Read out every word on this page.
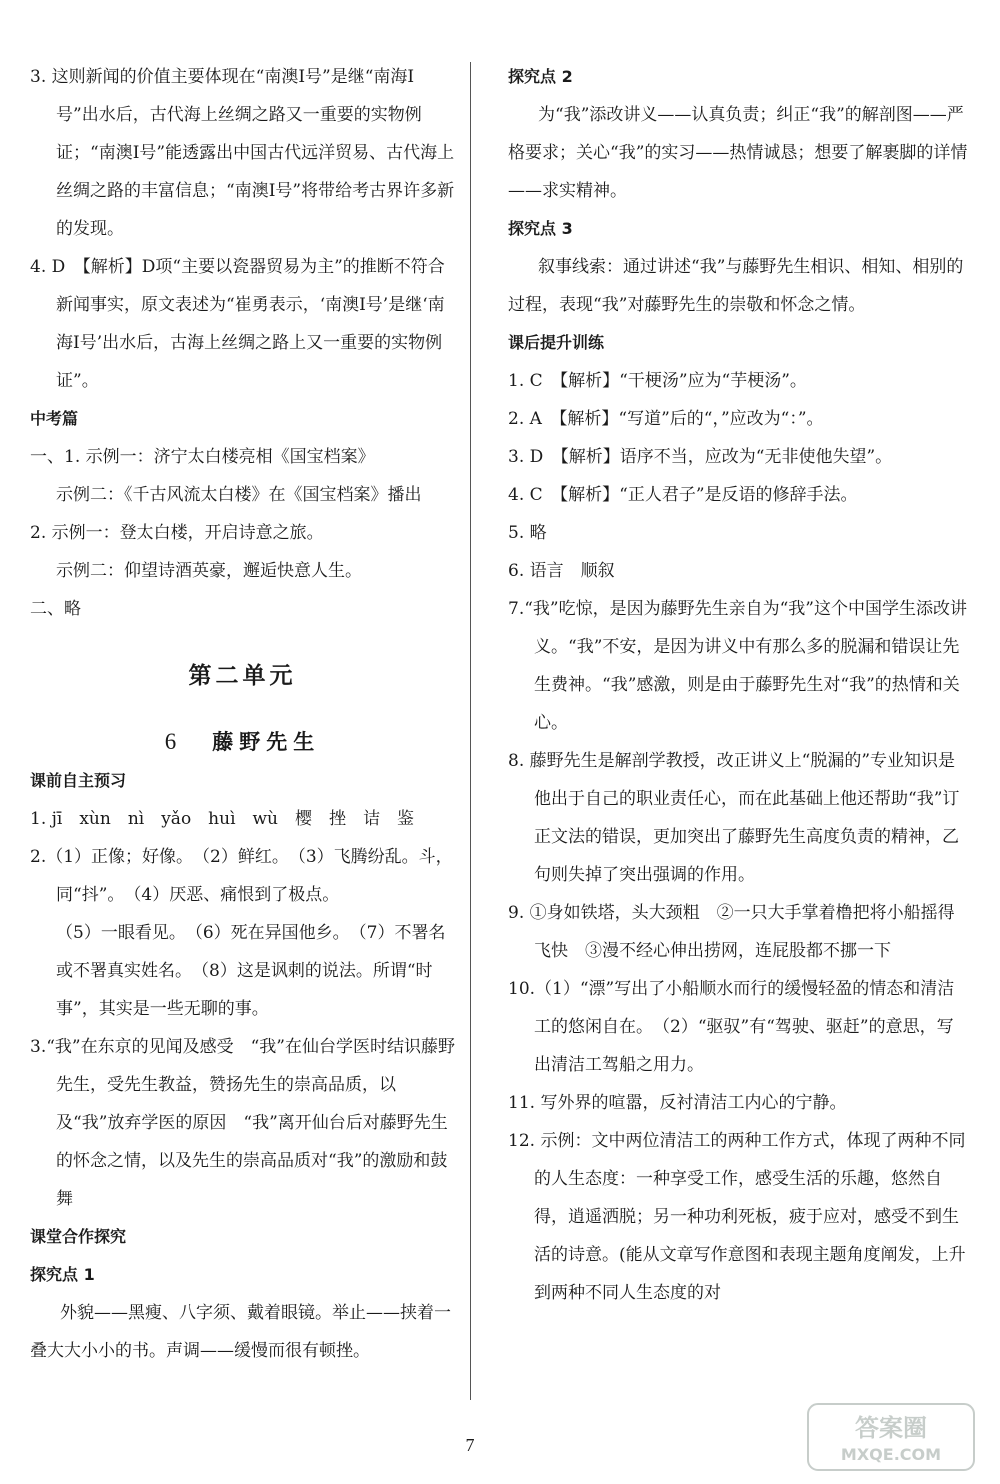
3. 这则新闻的价值主要体现在“南澳Ⅰ号”是继“南海Ⅰ号”出水后，古代海上丝绸之路又一重要的实物例证；“南澳Ⅰ号”能透露出中国古代远洋贸易、古代海上丝绸之路的丰富信息；“南澳Ⅰ号”将带给考古界许多新的发现。

4. D　【解析】D项“主要以瓷器贸易为主”的推断不符合新闻事实，原文表述为“崔勇表示，‘南澳Ⅰ号’是继‘南海Ⅰ号’出水后，古海上丝绸之路上又一重要的实物例证”。

中考篇

一、1. 示例一：济宁太白楼亮相《国宝档案》

示例二：《千古风流太白楼》在《国宝档案》播出

2. 示例一：登太白楼，开启诗意之旅。

示例二：仰望诗酒英豪，邂逅快意人生。

二、略

第二单元
6 藤野先生

课前自主预习

1. jī　xùn　nì　yǎo　huì　wù　樱　挫　诘　鉴

2.（1）正像；好像。　（2）鲜红。　（3）飞腾纷乱。斗，同“抖”。　（4）厌恶、痛恨到了极点。

（5）一眼看见。　（6）死在异国他乡。　（7）不署名或不署真实姓名。　（8）这是讽刺的说法。所谓“时事”，其实是一些无聊的事。

3.“我”在东京的见闻及感受　“我”在仙台学医时结识藤野先生，受先生教益，赞扬先生的崇高品质，以及“我”放弃学医的原因　“我”离开仙台后对藤野先生的怀念之情，以及先生的崇高品质对“我”的激励和鼓舞

课堂合作探究

探究点 1

外貌——黑瘦、八字须、戴着眼镜。举止——挟着一叠大大小小的书。声调——缓慢而很有顿挫。

探究点 2

为“我”添改讲义——认真负责；纠正“我”的解剖图——严格要求；关心“我”的实习——热情诚恳；想要了解裹脚的详情——求实精神。

探究点 3

叙事线索：通过讲述“我”与藤野先生相识、相知、相别的过程，表现“我”对藤野先生的崇敬和怀念之情。

课后提升训练

1. C　【解析】“干梗汤”应为“芋梗汤”。

2. A　【解析】“写道”后的“，”应改为“：”。

3. D　【解析】语序不当，应改为“无非使他失望”。

4. C　【解析】“正人君子”是反语的修辞手法。

5. 略

6. 语言　顺叙

7.“我”吃惊，是因为藤野先生亲自为“我”这个中国学生添改讲义。“我”不安，是因为讲义中有那么多的脱漏和错误让先生费神。“我”感激，则是由于藤野先生对“我”的热情和关心。

8. 藤野先生是解剖学教授，改正讲义上“脱漏的”专业知识是他出于自己的职业责任心，而在此基础上他还帮助“我”订正文法的错误，更加突出了藤野先生高度负责的精神，乙句则失掉了突出强调的作用。

9. ①身如铁塔，头大颈粗　②一只大手掌着橹把将小船摇得飞快　③漫不经心伸出捞网，连屁股都不挪一下

10.（1）“漂”写出了小船顺水而行的缓慢轻盈的情态和清洁工的悠闲自在。　（2）“驱驭”有“驾驶、驱赶”的意思，写出清洁工驾船之用力。

11. 写外界的喧嚣，反衬清洁工内心的宁静。

12. 示例：文中两位清洁工的两种工作方式，体现了两种不同的人生态度：一种享受工作，感受生活的乐趣，悠然自得，逍遥洒脱；另一种功利死板，疲于应对，感受不到生活的诗意。(能从文章写作意图和表现主题角度阐发，上升到两种不同人生态度的对

7
答案圈
MXQE.COM
